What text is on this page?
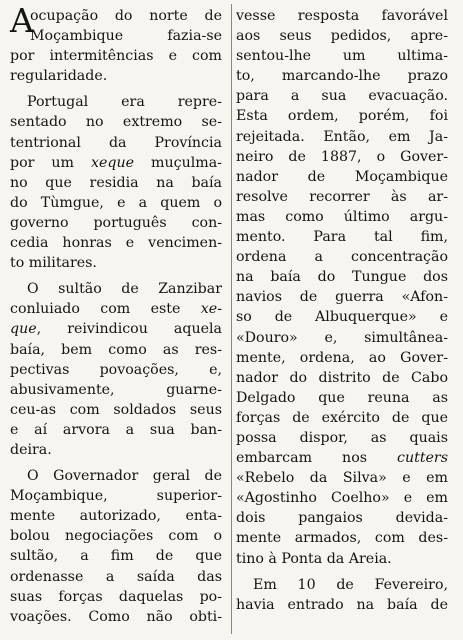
A
ocupação do norte de
Moçambique fazia-se
por intermitências e com
regularidade.
Portugal era repre-
sentado no extremo se-
tentrional da Província
por um xeque muçulma-
no que residia na baía
do Tùmgue, e a quem o
governo português con-
cedia honras e vencimen-
to militares.
O sultão de Zanzibar
conluiado com este xe-
que, reivindicou aquela
baía, bem como as res-
pectivas povoações, e,
abusivamente, guarne-
ceu-as com soldados seus
e aí arvora a sua ban-
deira.
O Governador geral de
Moçambique, superior-
mente autorizado, enta-
bolou negociações com o
sultão, a fim de que
ordenasse a saída das
suas forças daquelas po-
voações. Como não obti-
vesse resposta favorável
aos seus pedidos, apre-
sentou-lhe um ultima-
to, marcando-lhe prazo
para a sua evacuação.
Esta ordem, porém, foi
rejeitada. Então, em Ja-
neiro de 1887, o Gover-
nador de Moçambique
resolve recorrer às ar-
mas como último argu-
mento. Para tal fim,
ordena a concentração
na baía do Tungue dos
navios de guerra «Afon-
so de Albuquerque» e
«Douro» e, simultânea-
mente, ordena, ao Gover-
nador do distrito de Cabo
Delgado que reuna as
forças de exército de que
possa dispor, as quais
embarcam nos cutters
«Rebelo da Silva» e em
«Agostinho Coelho» e em
dois pangaios devida-
mente armados, com des-
tino à Ponta da Areia.
Em 10 de Fevereiro,
havia entrado na baía de
